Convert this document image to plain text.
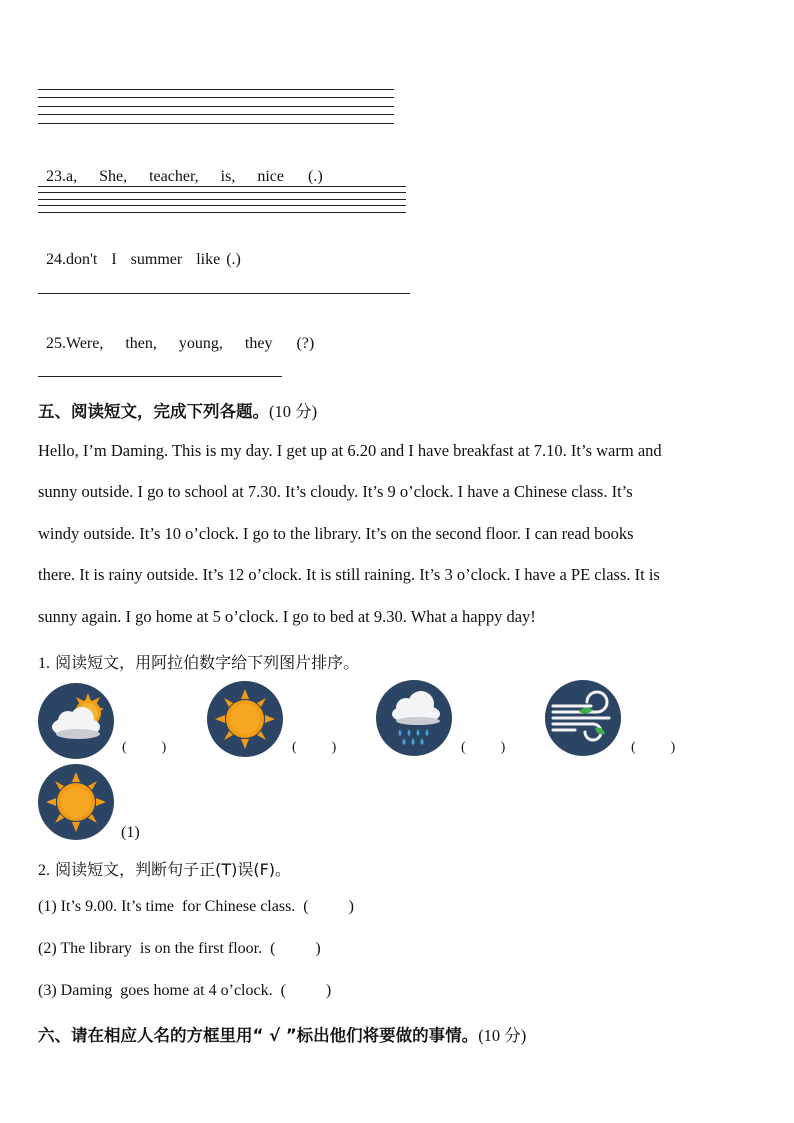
23.a, She, teacher, is, nice (.)

24.don't I summer like (.)

25.Were, then, young, they (?)

五、阅读短文，完成下列各题。(10 分)
Hello, I’m Daming. This is my day. I get up at 6.20 and I have breakfast at 7.10. It’s warm and
sunny outside. I go to school at 7.30. It’s cloudy. It’s 9 o’clock. I have a Chinese class. It’s
windy outside. It’s 10 o’clock. I go to the library. It’s on the second floor. I can read books
there. It is rainy outside. It’s 12 o’clock. It is still raining. It’s 3 o’clock. I have a PE class. It is
sunny again. I go home at 5 o’clock. I go to bed at 9.30. What a happy day!
1. 阅读短文，用阿拉伯数字给下列图片排序。
(          )	(          )	(          )	(          )
(1)
2. 阅读短文，判断句子正(T)误(F)。
(1) It’s 9.00. It’s time  for Chinese class.  (          )
(2) The library  is on the first floor.  (          )
(3) Daming  goes home at 4 o’clock.  (          )
六、请在相应人名的方框里用“ √ ”标出他们将要做的事情。(10 分)
